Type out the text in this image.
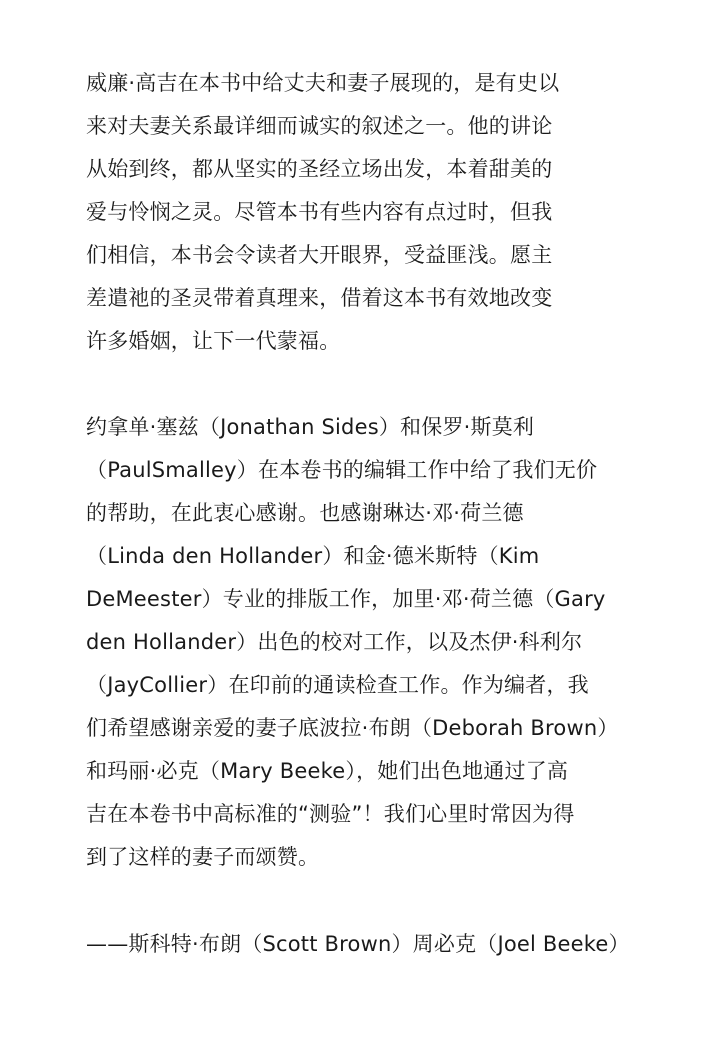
威廉·高吉在本书中给丈夫和妻子展现的，是有史以
来对夫妻关系最详细而诚实的叙述之一。他的讲论
从始到终，都从坚实的圣经立场出发，本着甜美的
爱与怜悯之灵。尽管本书有些内容有点过时，但我
们相信，本书会令读者大开眼界，受益匪浅。愿主
差遣祂的圣灵带着真理来，借着这本书有效地改变
许多婚姻，让下一代蒙福。
约拿单·塞兹（Jonathan Sides）和保罗·斯莫利
（PaulSmalley）在本卷书的编辑工作中给了我们无价
的帮助，在此衷心感谢。也感谢琳达·邓·荷兰德
（Linda den Hollander）和金·德米斯特（Kim
DeMeester）专业的排版工作，加里·邓·荷兰德（Gary
den Hollander）出色的校对工作，以及杰伊·科利尔
（JayCollier）在印前的通读检查工作。作为编者，我
们希望感谢亲爱的妻子底波拉·布朗（Deborah Brown）
和玛丽·必克（Mary Beeke），她们出色地通过了高
吉在本卷书中高标准的“测验”！我们心里时常因为得
到了这样的妻子而颂赞。
——斯科特·布朗（Scott Brown）周必克（Joel Beeke）
